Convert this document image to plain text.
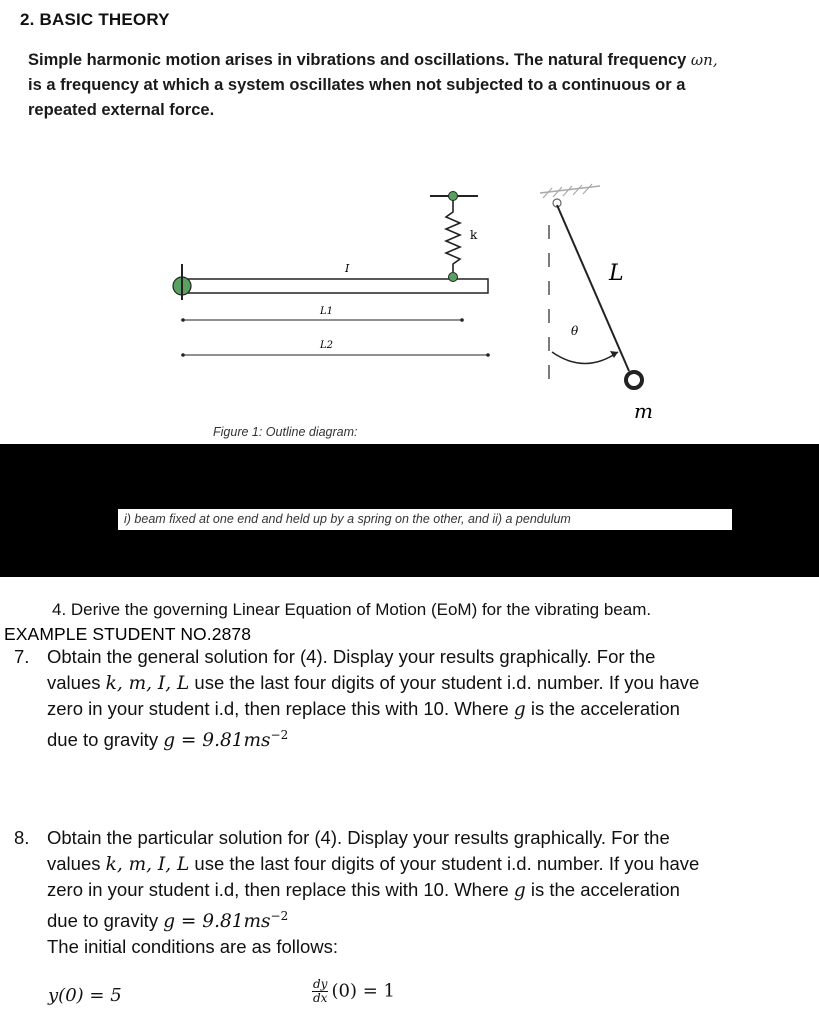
2. BASIC THEORY
Simple harmonic motion arises in vibrations and oscillations. The natural frequency ωn,
is a frequency at which a system oscillates when not subjected to a continuous or a
repeated external force.
k
I
L1
L2
L
θ
m
Figure 1: Outline diagram:
i) beam fixed at one end and held up by a spring on the other, and ii) a pendulum
4. Derive the governing Linear Equation of Motion (EoM) for the vibrating beam.
EXAMPLE STUDENT NO.2878
7. Obtain the general solution for (4). Display your results graphically. For the
values k, m, I, L use the last four digits of your student i.d. number. If you have
zero in your student i.d, then replace this with 10. Where g is the acceleration
due to gravity $g = 9.81ms^{-2}$
8. Obtain the particular solution for (4). Display your results graphically. For the
values k, m, I, L use the last four digits of your student i.d. number. If you have
zero in your student i.d, then replace this with 10. Where g is the acceleration
due to gravity $g = 9.81ms^{-2}$
The initial conditions are as follows:
y(0) = 5	$\frac{dy}{dx} (0) = 1$
